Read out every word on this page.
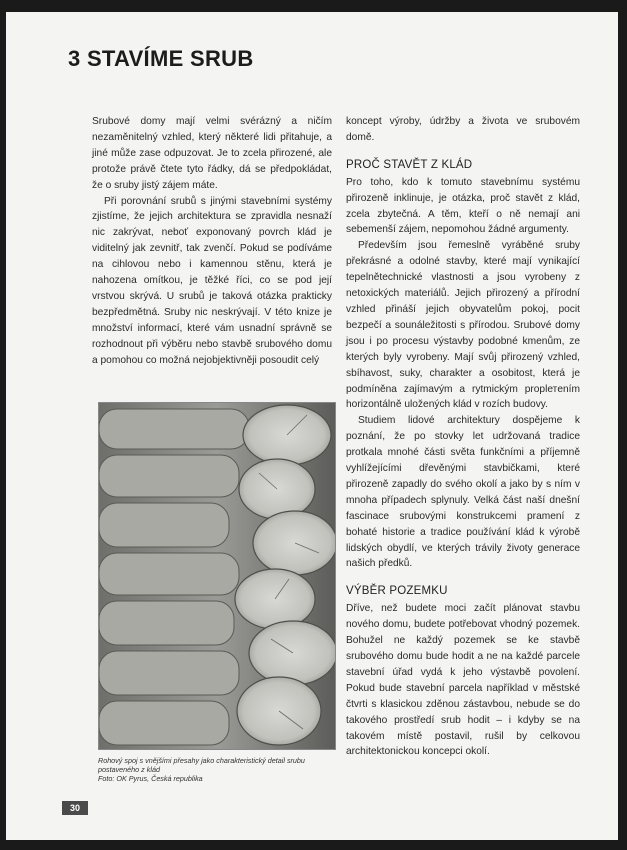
3 STAVÍME SRUB

Srubové domy mají velmi svérázný a ničím nezaměnitelný vzhled, který některé lidi přitahuje, a jiné může zase odpuzovat. Je to zcela přirozené, ale protože právě čtete tyto řádky, dá se předpokládat, že o sruby jistý zájem máte.

Při porovnání srubů s jinými stavebními systémy zjistíme, že jejich architektura se zpravidla nesnaží nic zakrývat, neboť exponovaný povrch klád je viditelný jak zevnitř, tak zvenčí. Pokud se podíváme na cihlovou nebo i kamennou stěnu, která je nahozena omítkou, je těžké říci, co se pod její vrstvou skrývá. U srubů je taková otázka prakticky bezpředmětná. Sruby nic neskrývají. V této knize je množství informací, které vám usnadní správně se rozhodnout při výběru nebo stavbě srubového domu a pomohou co možná nejobjektivněji posoudit celý

Rohový spoj s vnějšími přesahy jako charakteristický detail srubu postaveného z klád

Foto: OK Pyrus, Česká republika

koncept výroby, údržby a života ve srubovém domě.

PROČ STAVĚT Z KLÁD

Pro toho, kdo k tomuto stavebnímu systému přirozeně inklinuje, je otázka, proč stavět z klád, zcela zbytečná. A těm, kteří o ně nemají ani sebemenší zájem, nepomohou žádné argumenty.

Především jsou řemeslně vyráběné sruby překrásné a odolné stavby, které mají vynikající tepelnětechnické vlastnosti a jsou vyrobeny z netoxických materiálů. Jejich přirozený a přírodní vzhled přináší jejich obyvatelům pokoj, pocit bezpečí a sounáležitosti s přírodou. Srubové domy jsou i po procesu výstavby podobné kmenům, ze kterých byly vyrobeny. Mají svůj přirozený vzhled, sbíhavost, suky, charakter a osobitost, která je podmíněna zajímavým a rytmickým proplетením horizontálně uložených klád v rozích budovy.

Studiem lidové architektury dospějeme k poznání, že po stovky let udržovaná tradice protkala mnohé části světa funkčními a příjemně vyhlížejícími dřevěnými stavbičkami, které přirozeně zapadly do svého okolí a jako by s ním v mnoha případech splynuly. Velká část naší dnešní fascinace srubovými konstrukcemi pramení z bohaté historie a tradice používání klád k výrobě lidských obydlí, ve kterých trávily životy generace našich předků.

VÝBĚR POZEMKU

Dříve, než budete moci začít plánovat stavbu nového domu, budete potřebovat vhodný pozemek. Bohužel ne každý pozemek se ke stavbě srubového domu bude hodit a ne na každé parcele stavební úřad vydá k jeho výstavbě povolení. Pokud bude stavební parcela například v městské čtvrti s klasickou zděnou zástavbou, nebude se do takového prostředí srub hodit – i kdyby se na takovém místě postavil, rušil by celkovou architektonickou koncepci okolí.

30
